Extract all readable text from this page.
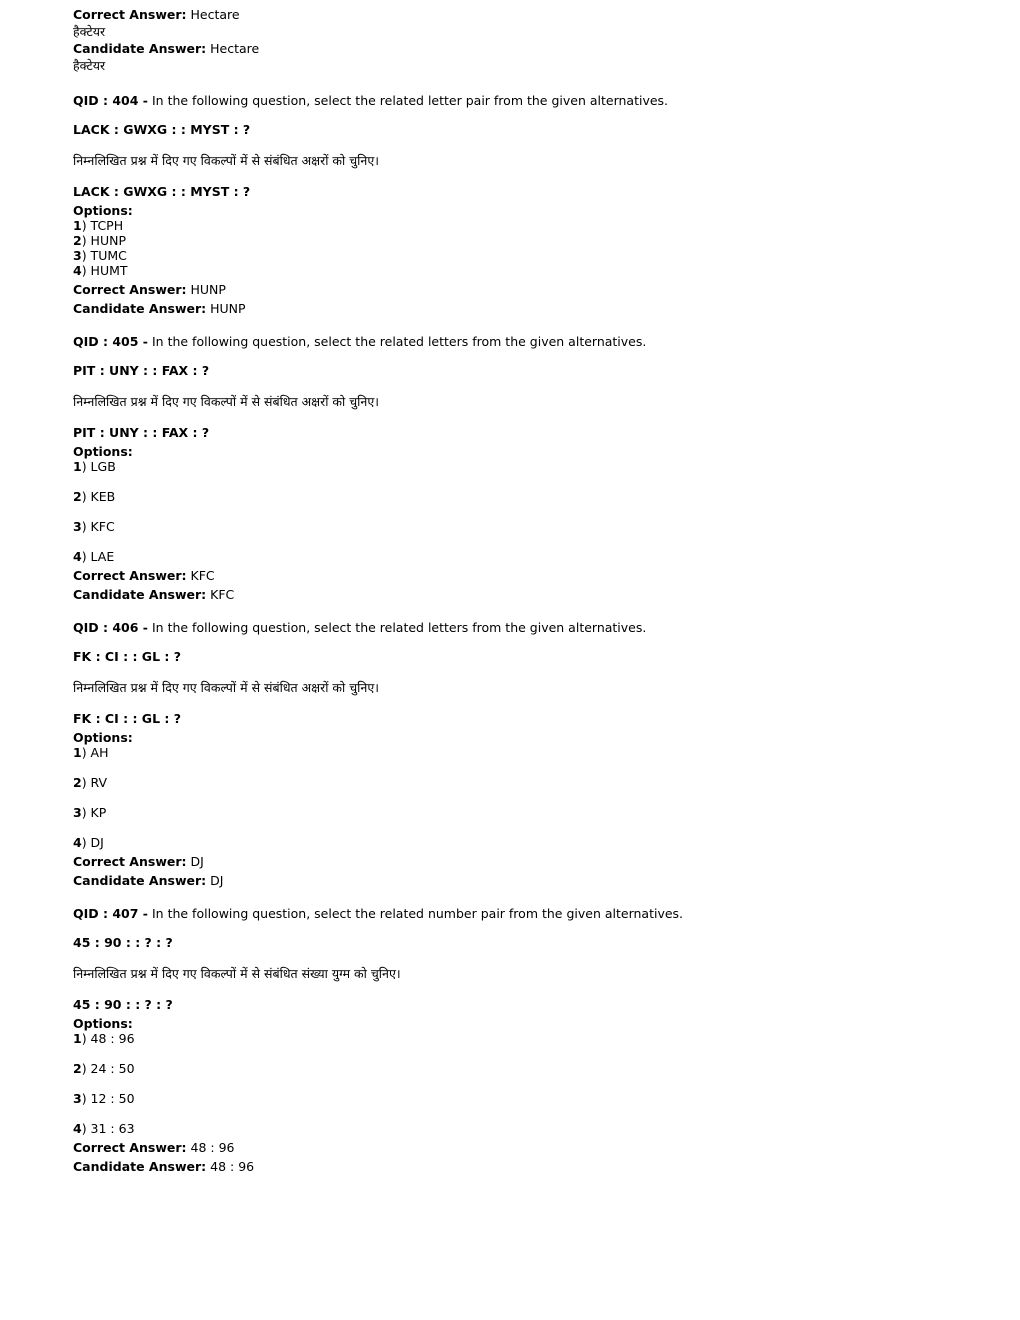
Correct Answer: Hectare
हैक्टेयर
Candidate Answer: Hectare
हैक्टेयर
QID : 404 - In the following question, select the related letter pair from the given alternatives.
LACK : GWXG : : MYST : ?
निम्नलिखित प्रश्न में दिए गए विकल्पों में से संबंधित अक्षरों को चुनिए।
LACK : GWXG : : MYST : ?
Options:
1) TCPH
2) HUNP
3) TUMC
4) HUMT
Correct Answer: HUNP
Candidate Answer: HUNP
QID : 405 - In the following question, select the related letters from the given alternatives.
PIT : UNY : : FAX : ?
निम्नलिखित प्रश्न में दिए गए विकल्पों में से संबंधित अक्षरों को चुनिए।
PIT : UNY : : FAX : ?
Options:
1) LGB
2) KEB
3) KFC
4) LAE
Correct Answer: KFC
Candidate Answer: KFC
QID : 406 - In the following question, select the related letters from the given alternatives.
FK : CI : : GL : ?
निम्नलिखित प्रश्न में दिए गए विकल्पों में से संबंधित अक्षरों को चुनिए।
FK : CI : : GL : ?
Options:
1) AH
2) RV
3) KP
4) DJ
Correct Answer: DJ
Candidate Answer: DJ
QID : 407 - In the following question, select the related number pair from the given alternatives.
45 : 90 : : ? : ?
निम्नलिखित प्रश्न में दिए गए विकल्पों में से संबंधित संख्या युग्म को चुनिए।
45 : 90 : : ? : ?
Options:
1) 48 : 96
2) 24 : 50
3) 12 : 50
4) 31 : 63
Correct Answer: 48 : 96
Candidate Answer: 48 : 96
